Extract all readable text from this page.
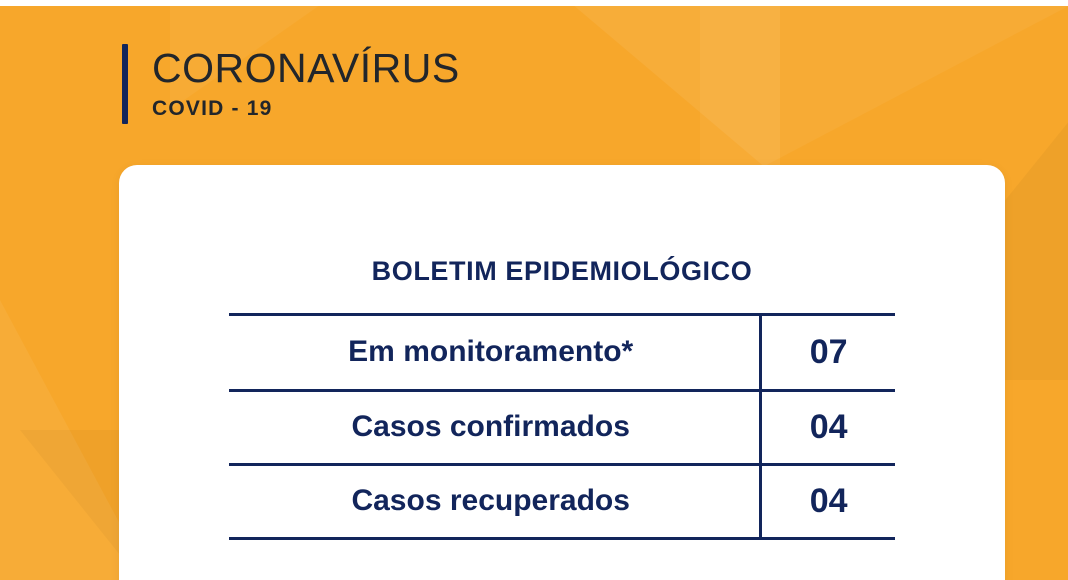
CORONAVÍRUS
COVID - 19
BOLETIM EPIDEMIOLÓGICO
Em monitoramento*	07
Casos confirmados	04
Casos recuperados	04
